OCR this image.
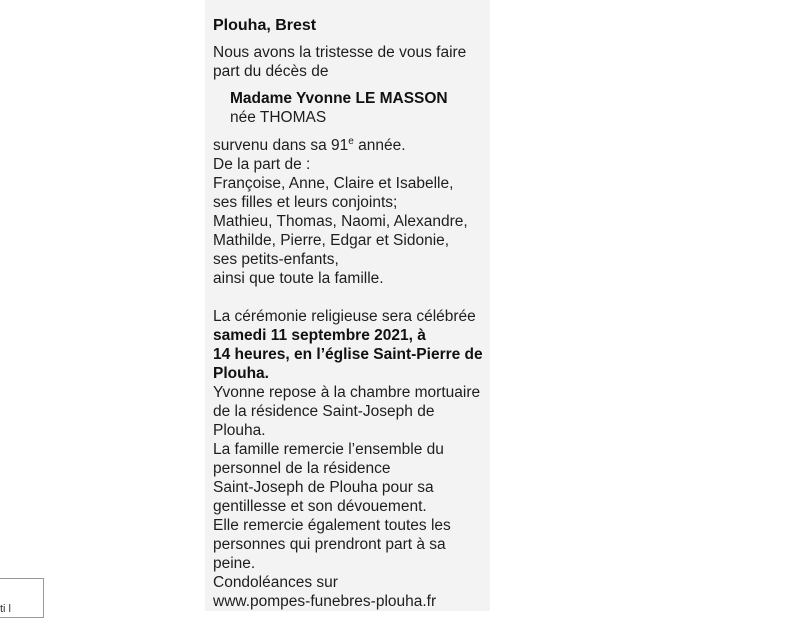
Plouha, Brest

Nous avons la tristesse de vous faire

part du décès de

Madame Yvonne LE MASSON

née THOMAS

survenu dans sa 91e année.

De la part de :

Françoise, Anne, Claire et Isabelle,

ses filles et leurs conjoints;

Mathieu, Thomas, Naomi, Alexandre,

Mathilde, Pierre, Edgar et Sidonie,

ses petits-enfants,

ainsi que toute la famille.

La cérémonie religieuse sera célébrée

samedi 11 septembre 2021, à

14 heures, en l’église Saint-Pierre de

Plouha.

Yvonne repose à la chambre mortuaire

de la résidence Saint-Joseph de

Plouha.

La famille remercie l’ensemble du

personnel de la résidence

Saint-Joseph de Plouha pour sa

gentillesse et son dévouement.

Elle remercie également toutes les

personnes qui prendront part à sa

peine.

Condoléances sur

www.pompes-funebres-plouha.fr

ti l
